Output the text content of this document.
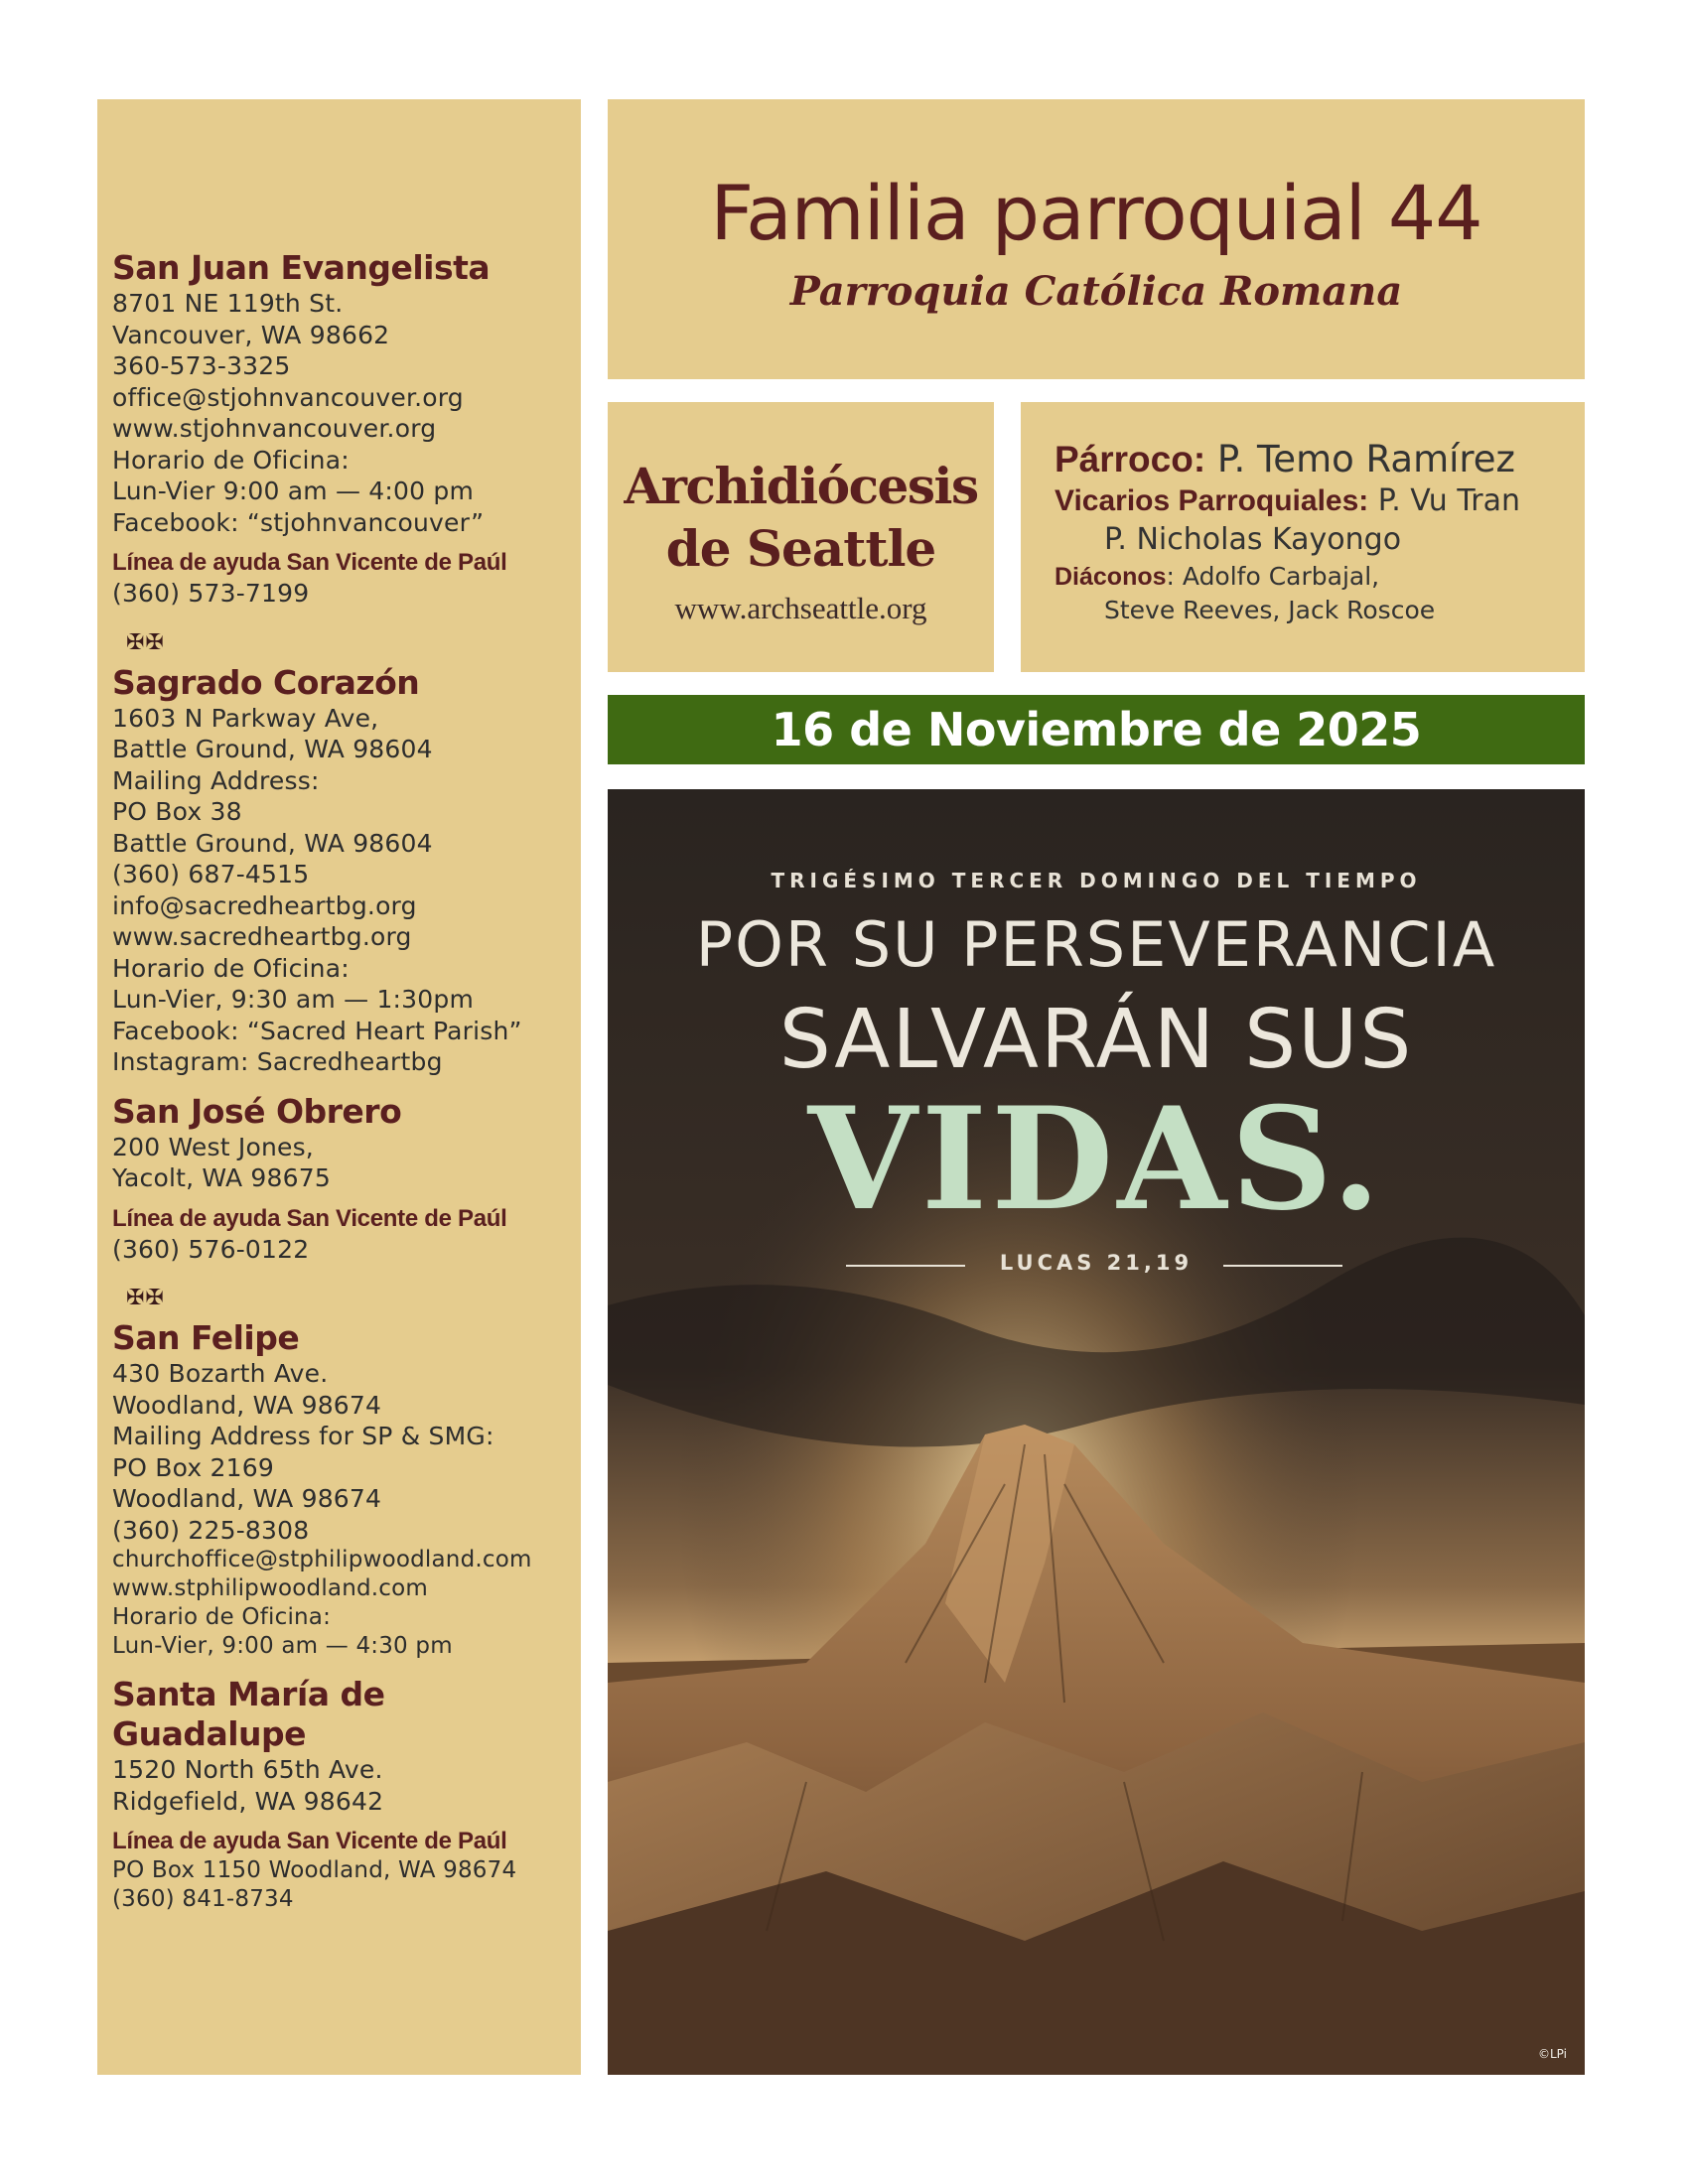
San Juan Evangelista
8701 NE 119th St.
Vancouver, WA 98662
360-573-3325
office@stjohnvancouver.org
www.stjohnvancouver.org
Horario de Oficina:
Lun-Vier 9:00 am — 4:00 pm
Facebook: “stjohnvancouver”
Línea de ayuda San Vicente de Paúl
(360) 573-7199
✠✠
Sagrado Corazón
1603 N Parkway Ave,
Battle Ground, WA 98604
Mailing Address:
PO Box 38
Battle Ground, WA 98604
(360) 687-4515
info@sacredheartbg.org
www.sacredheartbg.org
Horario de Oficina:
Lun-Vier, 9:30 am — 1:30pm
Facebook: “Sacred Heart Parish”
Instagram: Sacredheartbg
San José Obrero
200 West Jones,
Yacolt, WA 98675
Línea de ayuda San Vicente de Paúl
(360) 576-0122
✠✠
San Felipe
430 Bozarth Ave.
Woodland, WA 98674
Mailing Address for SP & SMG:
PO Box 2169
Woodland, WA 98674
(360) 225-8308
churchoffice@stphilipwoodland.com
www.stphilipwoodland.com
Horario de Oficina:
Lun-Vier, 9:00 am — 4:30 pm
Santa María de Guadalupe
1520 North 65th Ave.
Ridgefield, WA 98642
Línea de ayuda San Vicente de Paúl
PO Box 1150 Woodland, WA 98674
(360) 841-8734
Familia parroquial 44
Parroquia Católica Romana
Archidiócesis
de Seattle
www.archseattle.org
Párroco: P. Temo Ramírez
Vicarios Parroquiales: P. Vu Tran
P. Nicholas Kayongo
Diáconos: Adolfo Carbajal,
Steve Reeves, Jack Roscoe
16 de Noviembre de 2025
TRIGÉSIMO TERCER DOMINGO DEL TIEMPO
POR SU PERSEVERANCIA
SALVARÁN SUS
VIDAS.
LUCAS 21,19
©LPi
